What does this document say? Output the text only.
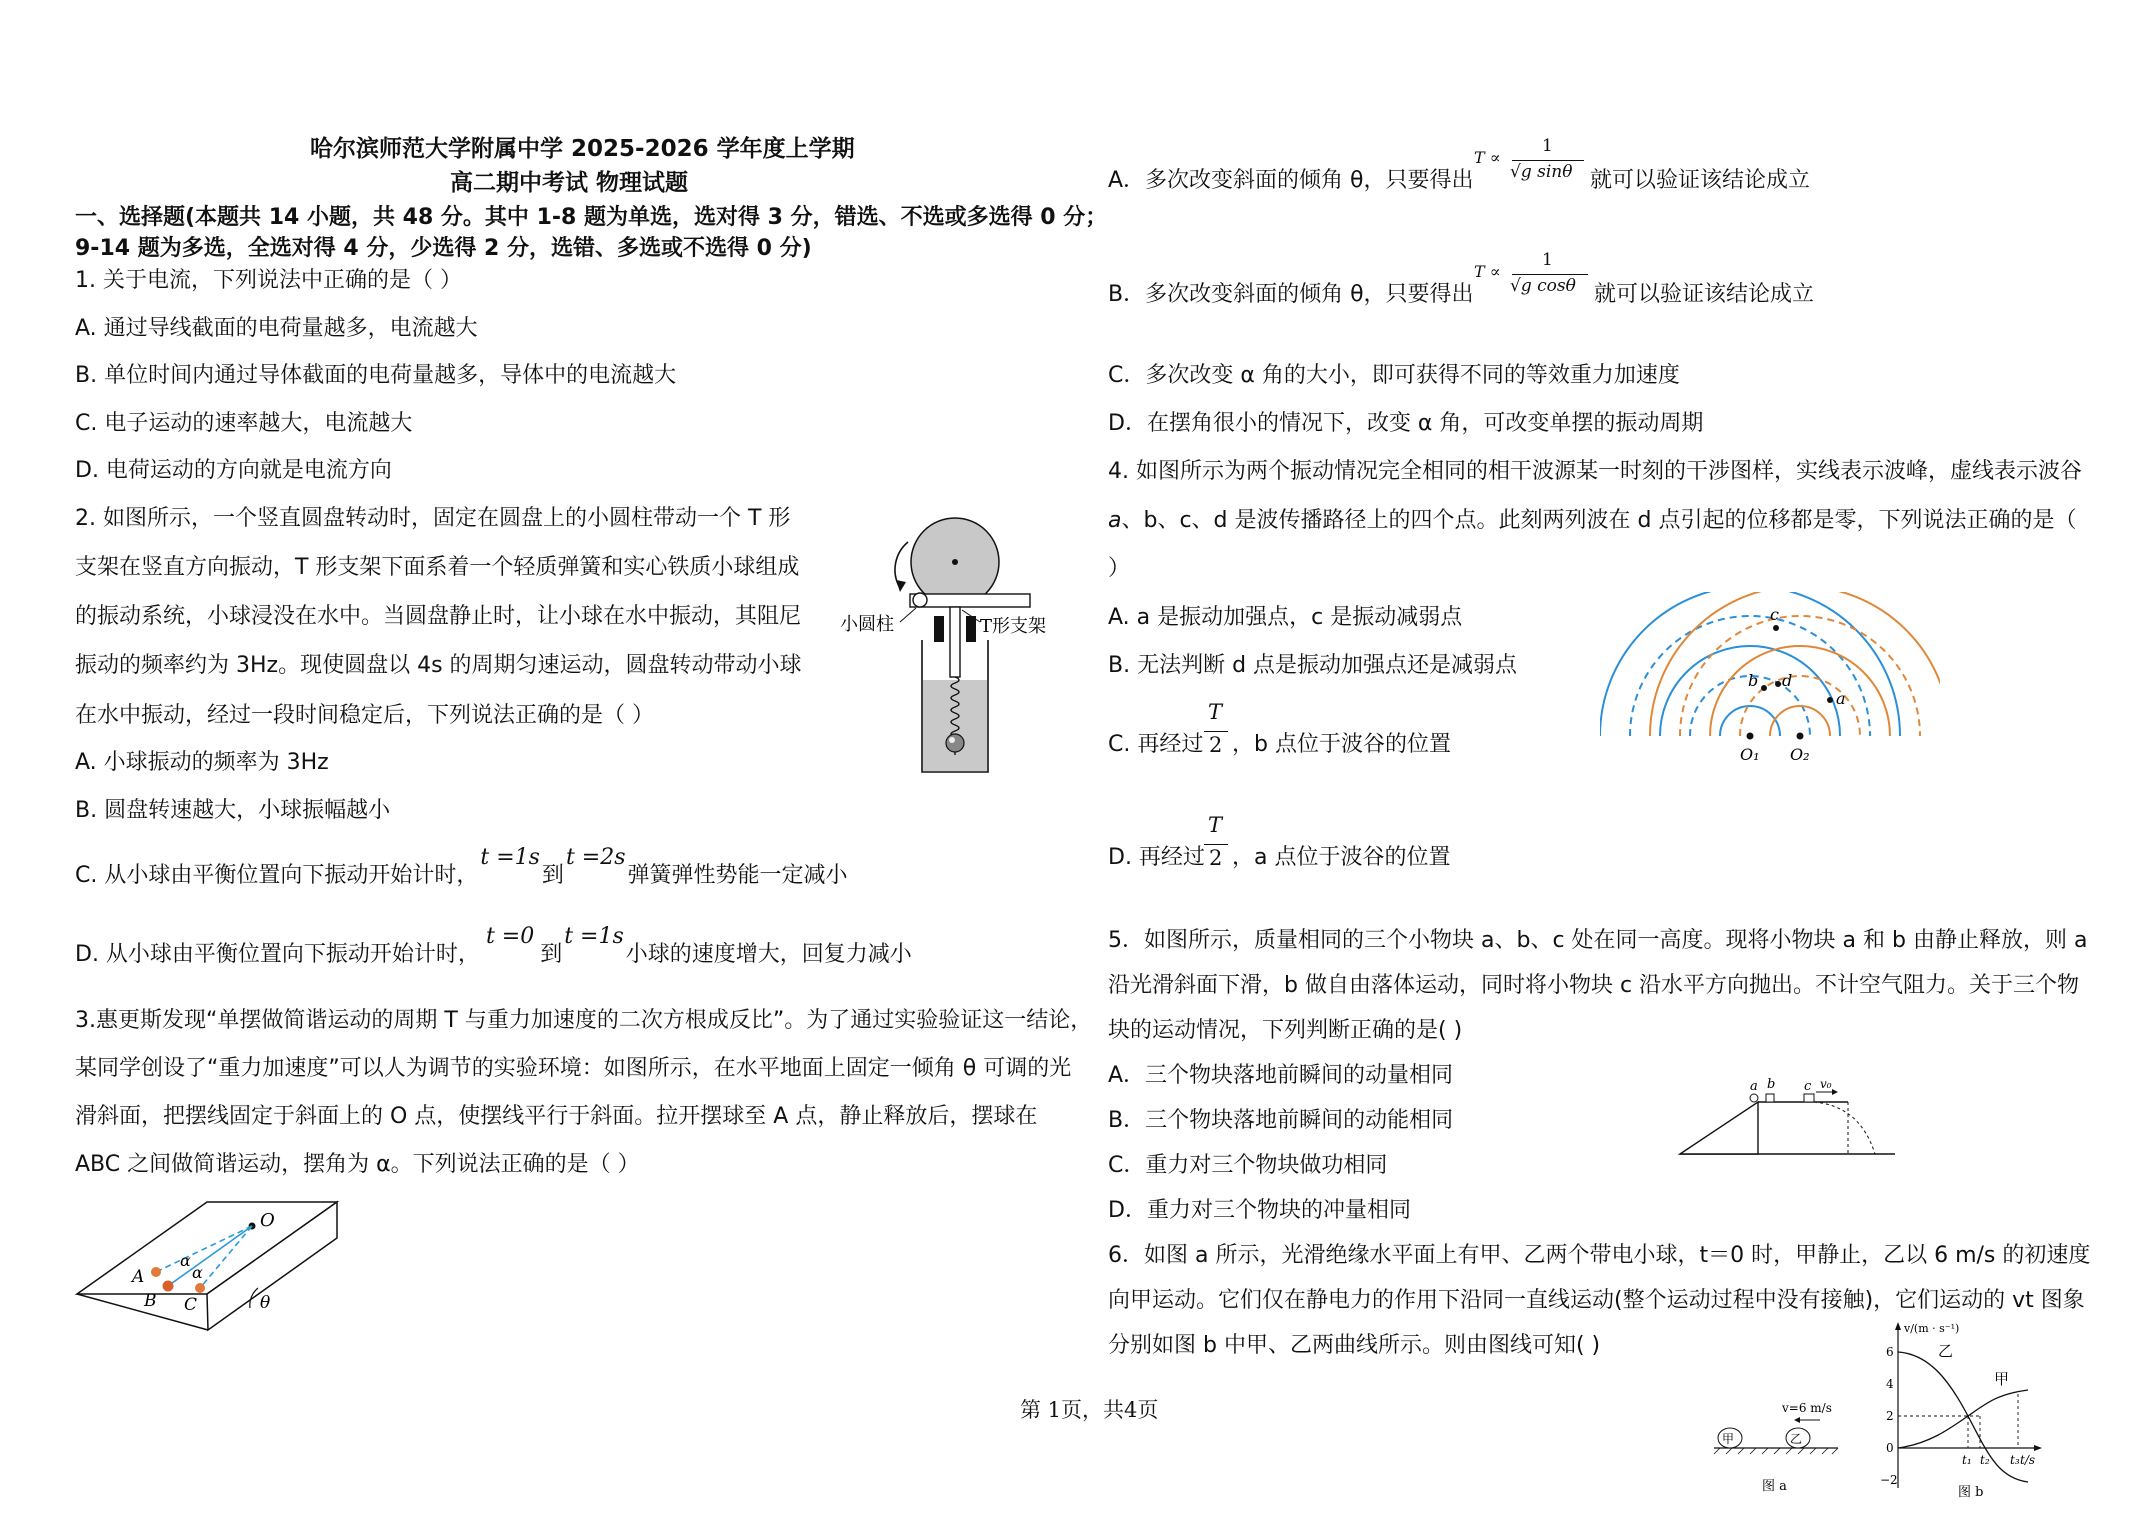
哈尔滨师范大学附属中学 2025-2026 学年度上学期
高二期中考试 物理试题
一、选择题(本题共 14 小题，共 48 分。其中 1-8 题为单选，选对得 3 分，错选、不选或多选得 0 分；
9-14 题为多选，全选对得 4 分，少选得 2 分，选错、多选或不选得 0 分)
1. 关于电流，下列说法中正确的是（ ）
A. 通过导线截面的电荷量越多，电流越大
B. 单位时间内通过导体截面的电荷量越多，导体中的电流越大
C. 电子运动的速率越大，电流越大
D. 电荷运动的方向就是电流方向
2. 如图所示，一个竖直圆盘转动时，固定在圆盘上的小圆柱带动一个 T 形
支架在竖直方向振动，T 形支架下面系着一个轻质弹簧和实心铁质小球组成
的振动系统，小球浸没在水中。当圆盘静止时，让小球在水中振动，其阻尼
振动的频率约为 3Hz。现使圆盘以 4s 的周期匀速运动，圆盘转动带动小球
在水中振动，经过一段时间稳定后，下列说法正确的是（ ）
A. 小球振动的频率为 3Hz
B. 圆盘转速越大，小球振幅越小
C. 从小球由平衡位置向下振动开始计时，t =1s到t =2s弹簧弹性势能一定减小
D. 从小球由平衡位置向下振动开始计时，t =0到t =1s小球的速度增大，回复力减小
小圆柱	T形支架
3.惠更斯发现“单摆做简谐运动的周期 T 与重力加速度的二次方根成反比”。为了通过实验验证这一结论，
某同学创设了“重力加速度”可以人为调节的实验环境：如图所示，在水平地面上固定一倾角 θ 可调的光
滑斜面，把摆线固定于斜面上的 O 点，使摆线平行于斜面。拉开摆球至 A 点，静止释放后，摆球在
ABC 之间做简谐运动，摆角为 α。下列说法正确的是（ ）
θ
O
A
B C
α
α
A．多次改变斜面的倾角 θ，只要得出
T ∝
1
√g sinθ 就可以验证该结论成立
B．多次改变斜面的倾角 θ，只要得出
T ∝
1
√g cosθ 就可以验证该结论成立
C．多次改变 α 角的大小，即可获得不同的等效重力加速度
D．在摆角很小的情况下，改变 α 角，可改变单摆的振动周期
4. 如图所示为两个振动情况完全相同的相干波源某一时刻的干涉图样，实线表示波峰，虚线表示波谷
a、b、c、d 是波传播路径上的四个点。此刻两列波在 d 点引起的位移都是零，下列说法正确的是（
）
A. a 是振动加强点，c 是振动减弱点
B. 无法判断 d 点是振动加强点还是减弱点
C. 再经过
T
2 ，b 点位于波谷的位置
D. 再经过
T
2 ，a 点位于波谷的位置
O₁ O₂
c
b d
a
5．如图所示，质量相同的三个小物块 a、b、c 处在同一高度。现将小物块 a 和 b 由静止释放，则 a
沿光滑斜面下滑，b 做自由落体运动，同时将小物块 c 沿水平方向抛出。不计空气阻力。关于三个物
块的运动情况，下列判断正确的是( )
A．三个物块落地前瞬间的动量相同
B．三个物块落地前瞬间的动能相同
C．重力对三个物块做功相同
D．重力对三个物块的冲量相同
a b c v₀
6．如图 a 所示，光滑绝缘水平面上有甲、乙两个带电小球，t＝0 时，甲静止，乙以 6 m/s 的初速度
向甲运动。它们仅在静电力的作用下沿同一直线运动(整个运动过程中没有接触)，它们运动的 vt 图象
分别如图 b 中甲、乙两曲线所示。则由图线可知( )
甲	乙
v=6 m/s
图 a
v/(m · s⁻¹)
t/s
6
4
2
0
−2
乙
甲
t₁ t₂ t₃
图 b
第 1页，共4页
